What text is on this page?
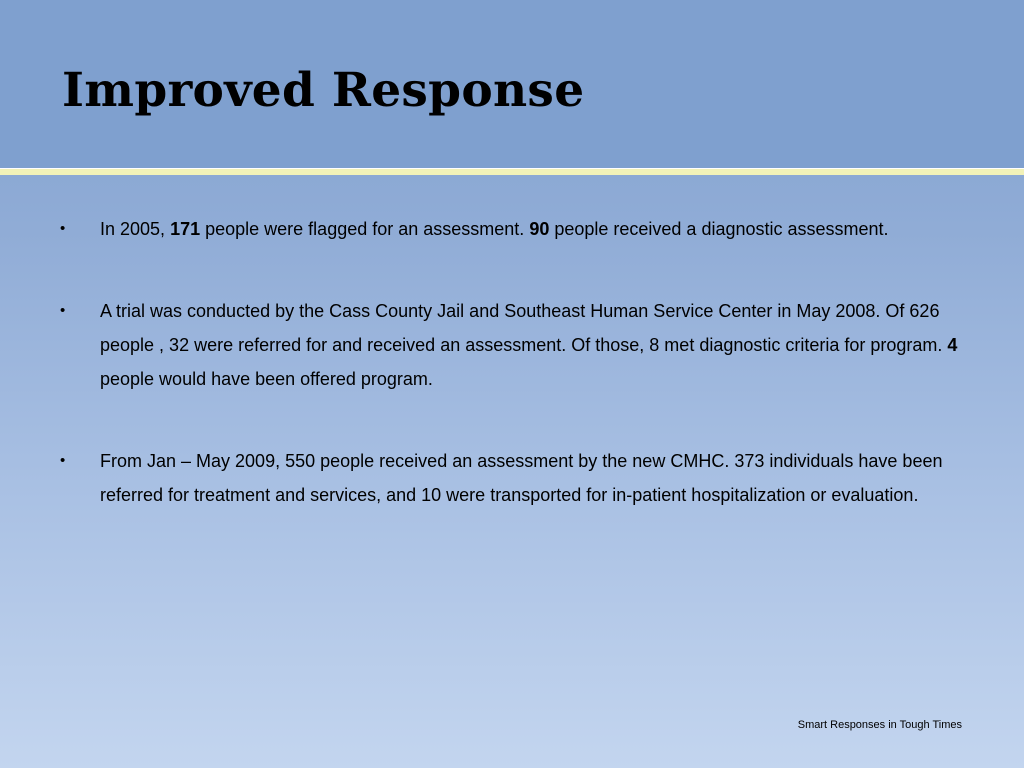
Improved Response
• In 2005, 171 people were flagged for an assessment. 90 people received a diagnostic assessment.
• A trial was conducted by the Cass County Jail and Southeast Human Service Center in May 2008. Of 626 people , 32 were referred for and received an assessment. Of those, 8 met diagnostic criteria for program. 4 people would have been offered program.
• From Jan – May 2009, 550 people received an assessment by the new CMHC. 373 individuals have been referred for treatment and services, and 10 were transported for in-patient hospitalization or evaluation.
Smart Responses in Tough Times
